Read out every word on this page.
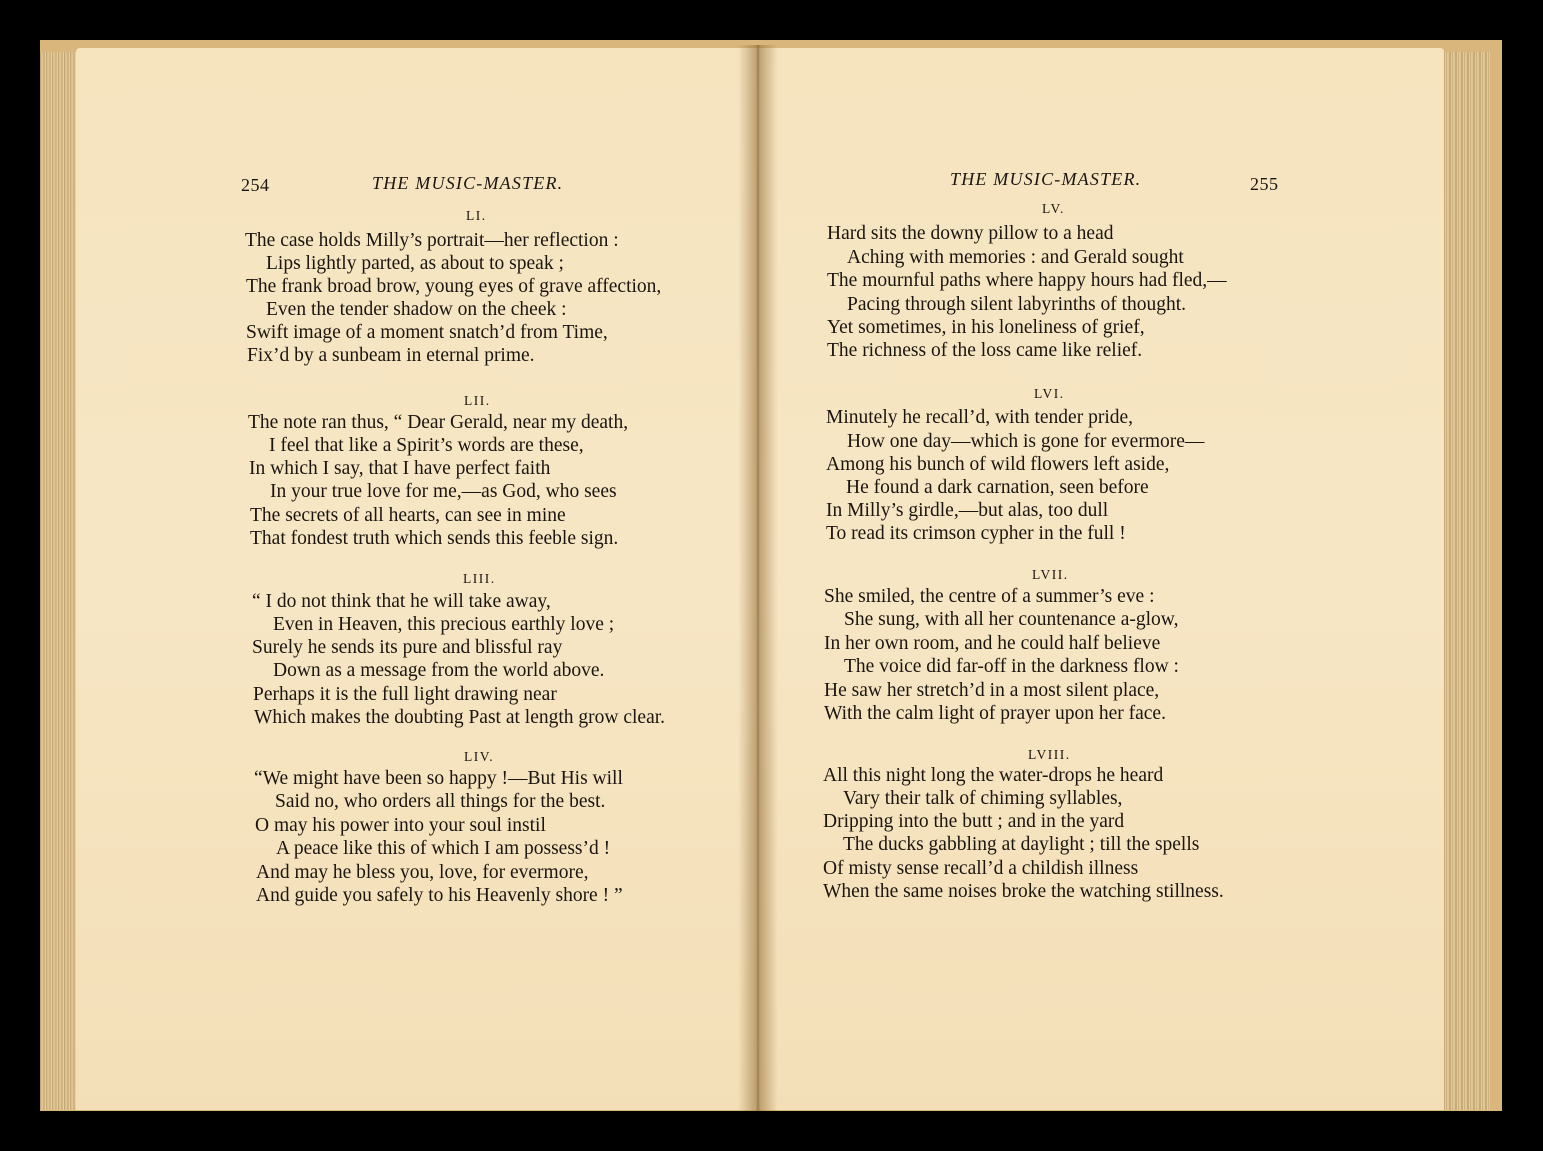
254	THE MUSIC-MASTER.
LI.
The case holds Milly’s portrait—her reflection :
Lips lightly parted, as about to speak ;
The frank broad brow, young eyes of grave affection,
Even the tender shadow on the cheek :
Swift image of a moment snatch’d from Time,
Fix’d by a sunbeam in eternal prime.
LII.
The note ran thus, “ Dear Gerald, near my death,
I feel that like a Spirit’s words are these,
In which I say, that I have perfect faith
In your true love for me,—as God, who sees
The secrets of all hearts, can see in mine
That fondest truth which sends this feeble sign.
LIII.
“ I do not think that he will take away,
Even in Heaven, this precious earthly love ;
Surely he sends its pure and blissful ray
Down as a message from the world above.
Perhaps it is the full light drawing near
Which makes the doubting Past at length grow clear.
LIV.
“We might have been so happy !—But His will
Said no, who orders all things for the best.
O may his power into your soul instil
A peace like this of which I am possess’d !
And may he bless you, love, for evermore,
And guide you safely to his Heavenly shore ! ”
THE MUSIC-MASTER.	255
LV.
Hard sits the downy pillow to a head
Aching with memories : and Gerald sought
The mournful paths where happy hours had fled,—
Pacing through silent labyrinths of thought.
Yet sometimes, in his loneliness of grief,
The richness of the loss came like relief.
LVI.
Minutely he recall’d, with tender pride,
How one day—which is gone for evermore—
Among his bunch of wild flowers left aside,
He found a dark carnation, seen before
In Milly’s girdle,—but alas, too dull
To read its crimson cypher in the full !
LVII.
She smiled, the centre of a summer’s eve :
She sung, with all her countenance a-glow,
In her own room, and he could half believe
The voice did far-off in the darkness flow :
He saw her stretch’d in a most silent place,
With the calm light of prayer upon her face.
LVIII.
All this night long the water-drops he heard
Vary their talk of chiming syllables,
Dripping into the butt ; and in the yard
The ducks gabbling at daylight ; till the spells
Of misty sense recall’d a childish illness
When the same noises broke the watching stillness.
